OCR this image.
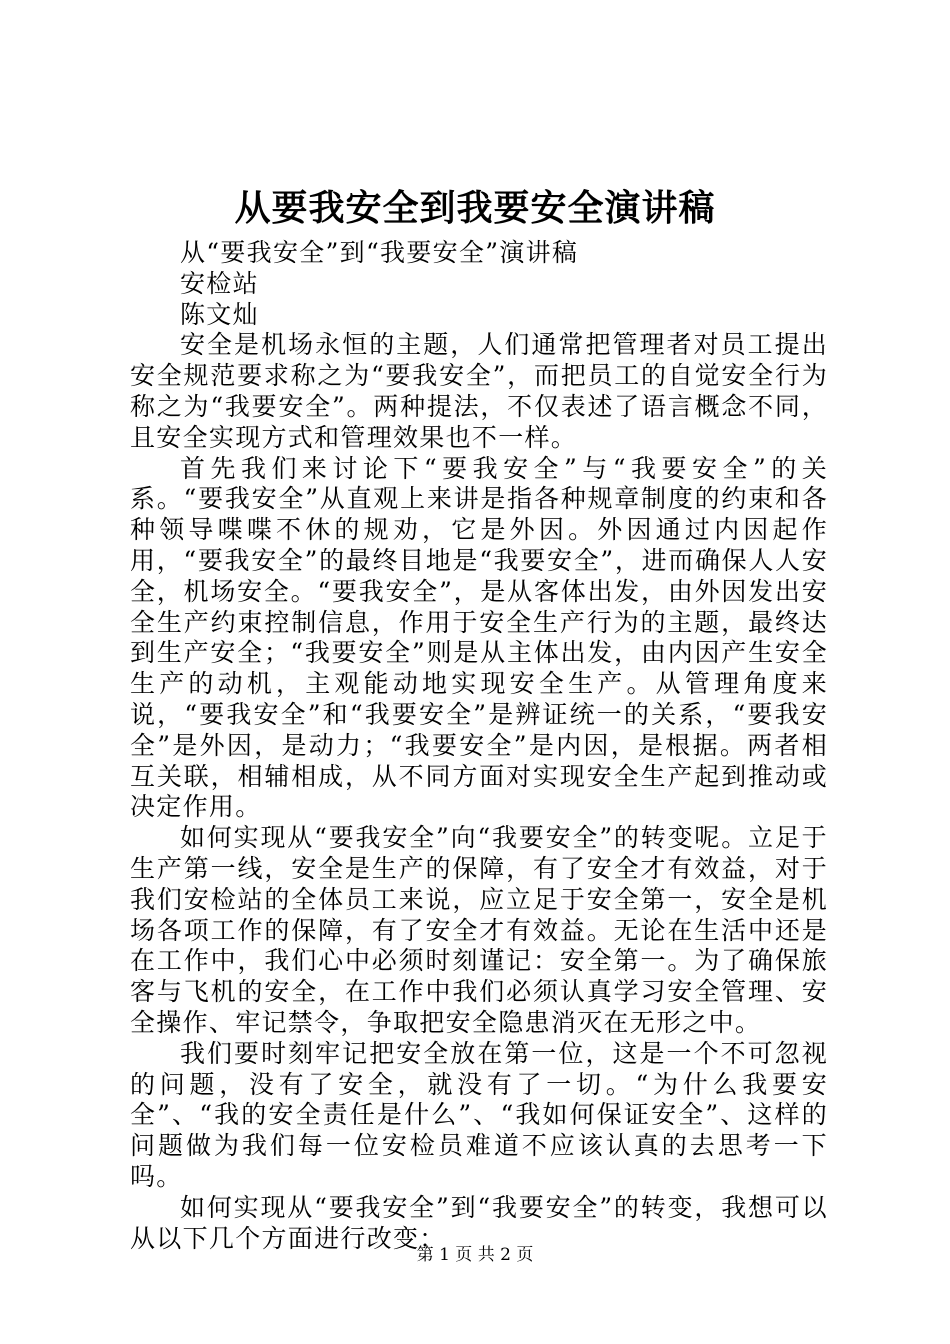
从要我安全到我要安全演讲稿

从“要我安全”到“我要安全”演讲稿

安检站

陈文灿

安全是机场永恒的主题，人们通常把管理者对员工提出安全规范要求称之为“要我安全”，而把员工的自觉安全行为称之为“我要安全”。两种提法，不仅表述了语言概念不同，且安全实现方式和管理效果也不一样。

首先我们来讨论下“要我安全”与“我要安全”的关系。“要我安全”从直观上来讲是指各种规章制度的约束和各种领导喋喋不休的规劝，它是外因。外因通过内因起作用，“要我安全”的最终目地是“我要安全”，进而确保人人安全，机场安全。“要我安全”，是从客体出发，由外因发出安全生产约束控制信息，作用于安全生产行为的主题，最终达到生产安全；“我要安全”则是从主体出发，由内因产生安全生产的动机，主观能动地实现安全生产。从管理角度来说，“要我安全”和“我要安全”是辨证统一的关系，“要我安全”是外因，是动力；“我要安全”是内因，是根据。两者相互关联，相辅相成，从不同方面对实现安全生产起到推动或决定作用。

如何实现从“要我安全”向“我要安全”的转变呢。立足于生产第一线，安全是生产的保障，有了安全才有效益，对于我们安检站的全体员工来说，应立足于安全第一，安全是机场各项工作的保障，有了安全才有效益。无论在生活中还是在工作中，我们心中必须时刻谨记：安全第一。为了确保旅客与飞机的安全，在工作中我们必须认真学习安全管理、安全操作、牢记禁令，争取把安全隐患消灭在无形之中。

我们要时刻牢记把安全放在第一位，这是一个不可忽视的问题，没有了安全，就没有了一切。“为什么我要安全”、“我的安全责任是什么”、“我如何保证安全”、这样的问题做为我们每一位安检员难道不应该认真的去思考一下吗。

如何实现从“要我安全”到“我要安全”的转变，我想可以从以下几个方面进行改变：

第 1 页 共 2 页
